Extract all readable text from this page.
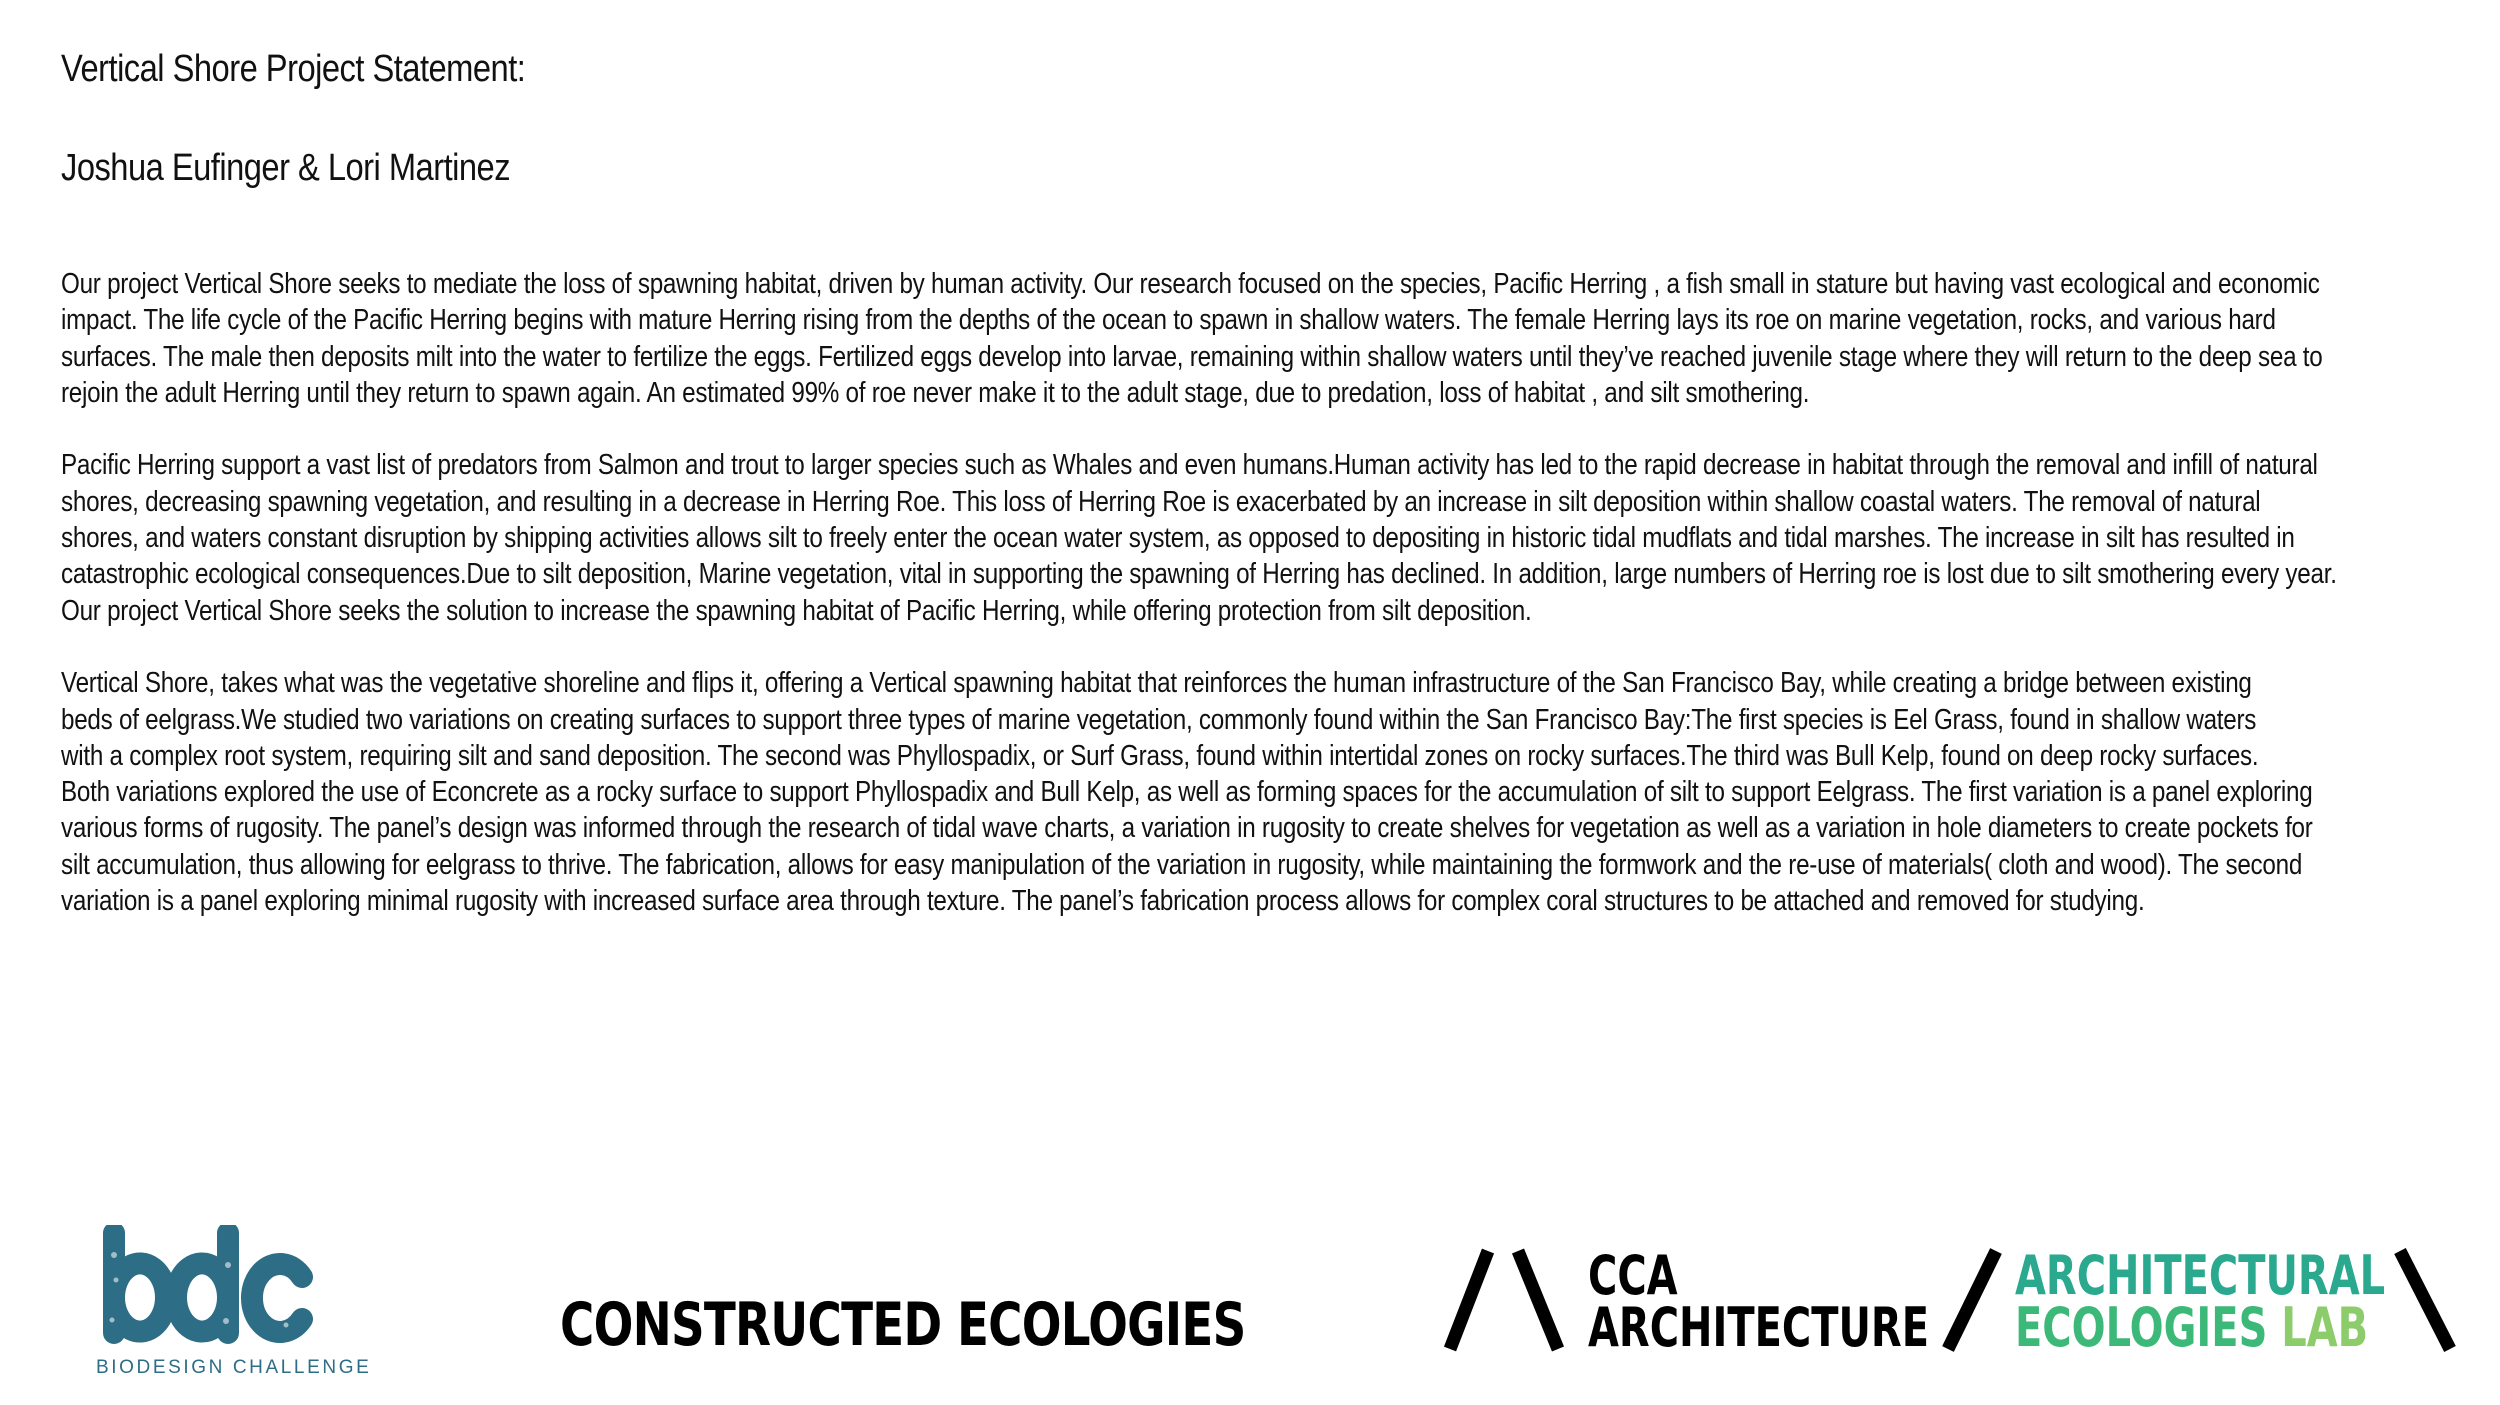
Vertical Shore Project Statement:
Joshua Eufinger & Lori Martinez

Our project Vertical Shore seeks to mediate the loss of spawning habitat, driven by human activity. Our research focused on the species, Pacific Herring , a fish small in stature but having vast ecological and economic
impact. The life cycle of the Pacific Herring begins with mature Herring rising from the depths of the ocean to spawn in shallow waters. The female Herring lays its roe on marine vegetation, rocks, and various hard
surfaces. The male then deposits milt into the water to fertilize the eggs. Fertilized eggs develop into larvae, remaining within shallow waters until they’ve reached juvenile stage where they will return to the deep sea to
rejoin the adult Herring until they return to spawn again. An estimated 99% of roe never make it to the adult stage, due to predation, loss of habitat , and silt smothering.

Pacific Herring support a vast list of predators from Salmon and trout to larger species such as Whales and even humans.Human activity has led to the rapid decrease in habitat through the removal and infill of natural
shores, decreasing spawning vegetation, and resulting in a decrease in Herring Roe. This loss of Herring Roe is exacerbated by an increase in silt deposition within shallow coastal waters. The removal of natural
shores, and waters constant disruption by shipping activities allows silt to freely enter the ocean water system, as opposed to depositing in historic tidal mudflats and tidal marshes. The increase in silt has resulted in
catastrophic ecological consequences.Due to silt deposition, Marine vegetation, vital in supporting the spawning of Herring has declined. In addition, large numbers of Herring roe is lost due to silt smothering every year.
Our project Vertical Shore seeks the solution to increase the spawning habitat of Pacific Herring, while offering protection from silt deposition.

Vertical Shore, takes what was the vegetative shoreline and flips it, offering a Vertical spawning habitat that reinforces the human infrastructure of the San Francisco Bay, while creating a bridge between existing
beds of eelgrass.We studied two variations on creating surfaces to support three types of marine vegetation, commonly found within the San Francisco Bay:The first species is Eel Grass, found in shallow waters
with a complex root system, requiring silt and sand deposition. The second was Phyllospadix, or Surf Grass, found within intertidal zones on rocky surfaces.The third was Bull Kelp, found on deep rocky surfaces.
Both variations explored the use of Econcrete as a rocky surface to support Phyllospadix and Bull Kelp, as well as forming spaces for the accumulation of silt to support Eelgrass. The first variation is a panel exploring
various forms of rugosity. The panel’s design was informed through the research of tidal wave charts, a variation in rugosity to create shelves for vegetation as well as a variation in hole diameters to create pockets for
silt accumulation, thus allowing for eelgrass to thrive. The fabrication, allows for easy manipulation of the variation in rugosity, while maintaining the formwork and the re-use of materials( cloth and wood). The second
variation is a panel exploring minimal rugosity with increased surface area through texture. The panel’s fabrication process allows for complex coral structures to be attached and removed for studying.

BIODESIGN CHALLENGE
CONSTRUCTED ECOLOGIES
CCA
ARCHITECTURE
ARCHITECTURAL
ECOLOGIES LAB
